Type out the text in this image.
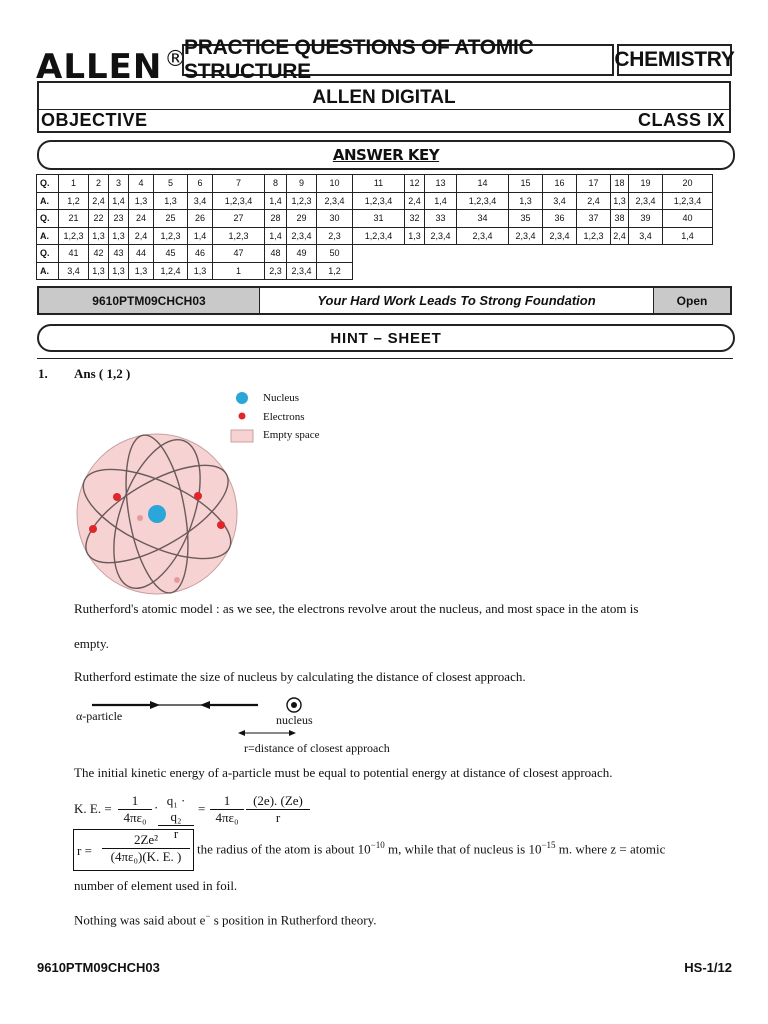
ALLEN®
PRACTICE QUESTIONS OF ATOMIC STRUCTURE
CHEMISTRY
ALLEN DIGITAL
OBJECTIVE	CLASS IX
ANSWER KEY
Q.	1	2	3	4	5	6	7	8	9	10	11	12	13	14	15	16	17	18	19	20
A.	1,2	2,4	1,4	1,3	1,3	3,4	1,2,3,4	1,4	1,2,3	2,3,4	1,2,3,4	2,4	1,4	1,2,3,4	1,3	3,4	2,4	1,3	2,3,4	1,2,3,4
Q.	21	22	23	24	25	26	27	28	29	30	31	32	33	34	35	36	37	38	39	40
A.	1,2,3	1,3	1,3	2,4	1,2,3	1,4	1,2,3	1,4	2,3,4	2,3	1,2,3,4	1,3	2,3,4	2,3,4	2,3,4	2,3,4	1,2,3	2,4	3,4	1,4
Q.	41	42	43	44	45	46	47	48	49	50										
A.	3,4	1,3	1,3	1,3	1,2,4	1,3	1	2,3	2,3,4	1,2										
9610PTM09CHCH03	Your Hard Work Leads To Strong Foundation	Open
HINT – SHEET
1. Ans ( 1,2 )
Nucleus
Electrons
Empty space
Rutherford's atomic model : as we see, the electrons revolve arout the nucleus, and most space in the atom is
empty.
Rutherford estimate the size of nucleus by calculating the distance of closest approach.
α-particle	nucleus
r=distance of closest approach
The initial kinetic energy of a-particle must be equal to potential energy at distance of closest approach.
K. E. = $\frac{1}{\text{4πε₀}} \cdot \frac{\text{q₁ · q₂}}{r} = \frac{1}{\text{4πε₀}} \frac{(2e). (Ze)}{r}$
$r = \frac{\text{2Ze²}}{\text{(4πε₀)(K. E. )}}$ the radius of the atom is about $10^{-10}$ m, while that of nucleus is $10^{-15}$ m. where z = atomic
number of element used in foil.
Nothing was said about e− s position in Rutherford theory.
9610PTM09CHCH03	HS-1/12
